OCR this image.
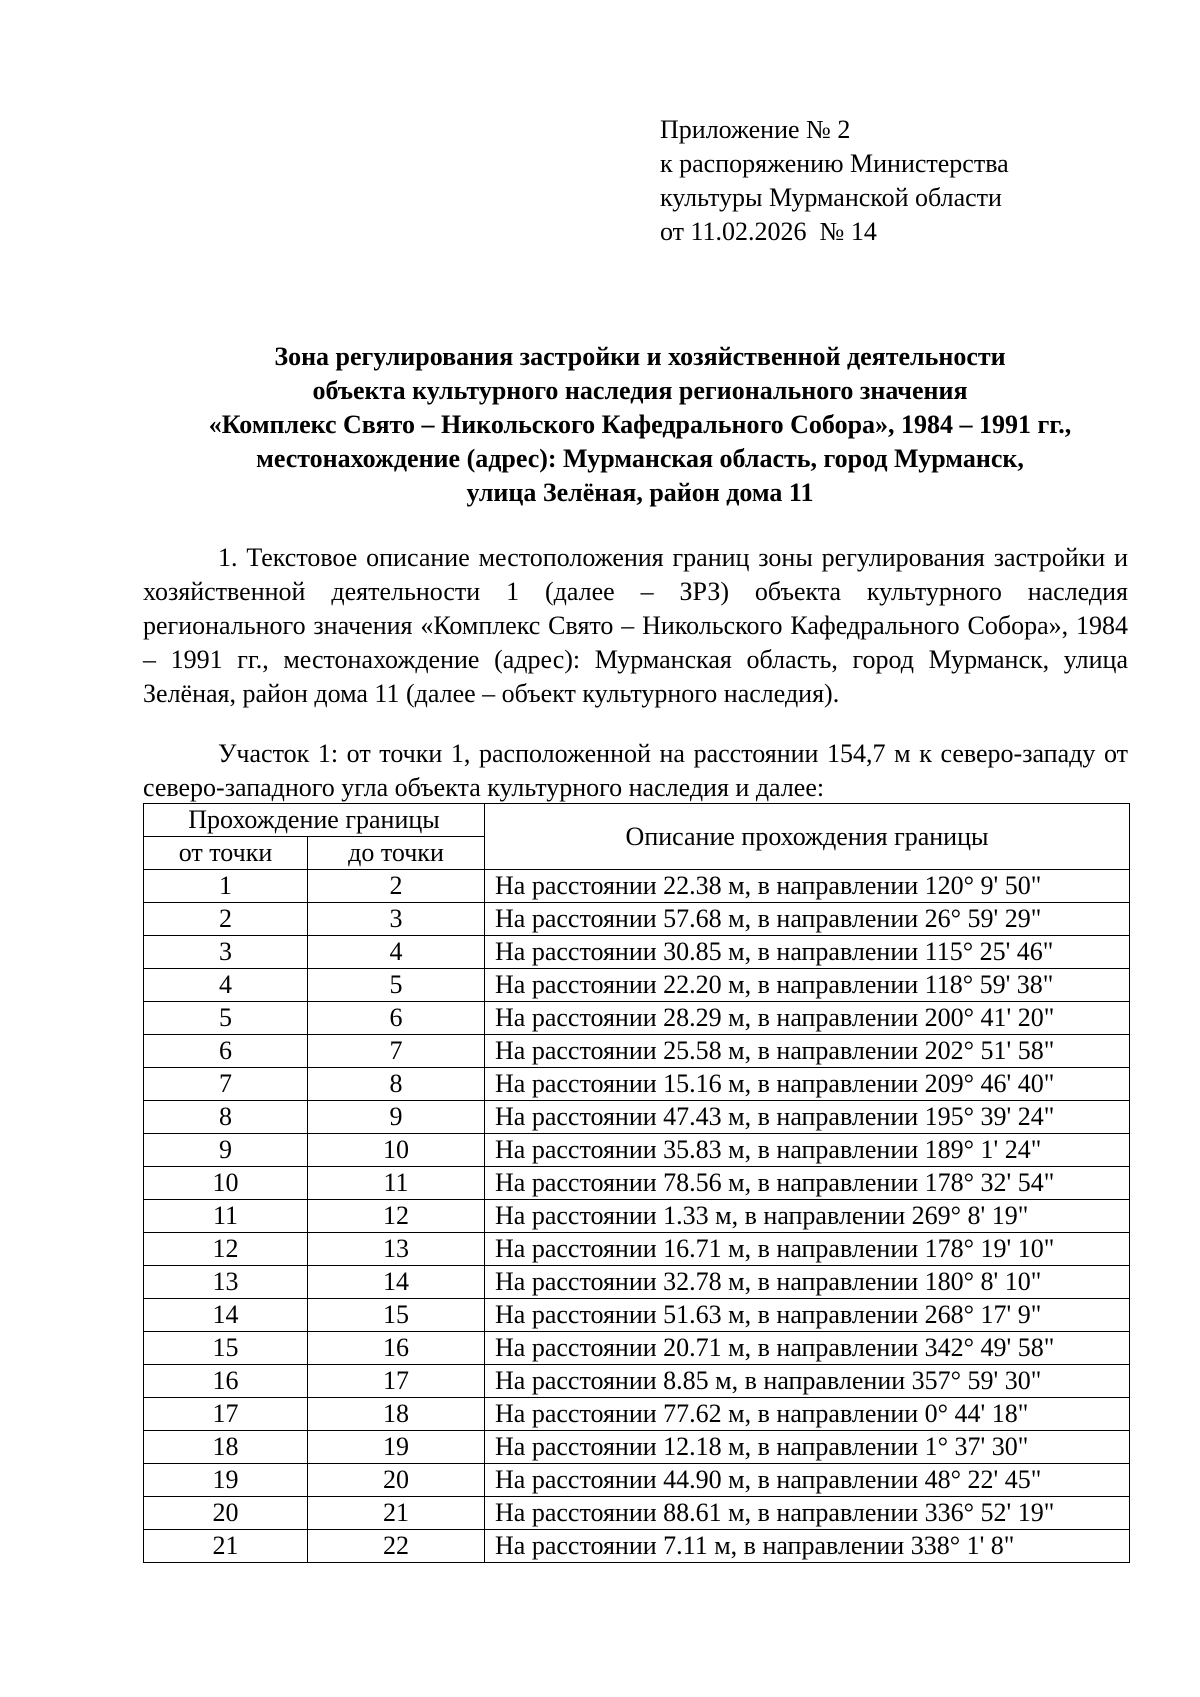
Приложение № 2
к распоряжению Министерства
культуры Мурманской области
от 11.02.2026  № 14
Зона регулирования застройки и хозяйственной деятельности
объекта культурного наследия регионального значения
«Комплекс Свято – Никольского Кафедрального Собора», 1984 – 1991 гг.,
местонахождение (адрес): Мурманская область, город Мурманск,
улица Зелёная, район дома 11

1. Текстовое описание местоположения границ зоны регулирования застройки и хозяйственной деятельности 1 (далее – ЗРЗ) объекта культурного наследия регионального значения «Комплекс Свято – Никольского Кафедрального Собора», 1984 – 1991 гг., местонахождение (адрес): Мурманская область, город Мурманск, улица Зелёная, район дома 11 (далее – объект культурного наследия).

Участок 1: от точки 1, расположенной на расстоянии 154,7 м к северо-западу от северо-западного угла объекта культурного наследия и далее:

Прохождение границы		Описание прохождения границы
от точки	до точки	
1	2	На расстоянии 22.38 м, в направлении 120° 9' 50"
2	3	На расстоянии 57.68 м, в направлении 26° 59' 29"
3	4	На расстоянии 30.85 м, в направлении 115° 25' 46"
4	5	На расстоянии 22.20 м, в направлении 118° 59' 38"
5	6	На расстоянии 28.29 м, в направлении 200° 41' 20"
6	7	На расстоянии 25.58 м, в направлении 202° 51' 58"
7	8	На расстоянии 15.16 м, в направлении 209° 46' 40"
8	9	На расстоянии 47.43 м, в направлении 195° 39' 24"
9	10	На расстоянии 35.83 м, в направлении 189° 1' 24"
10	11	На расстоянии 78.56 м, в направлении 178° 32' 54"
11	12	На расстоянии 1.33 м, в направлении 269° 8' 19"
12	13	На расстоянии 16.71 м, в направлении 178° 19' 10"
13	14	На расстоянии 32.78 м, в направлении 180° 8' 10"
14	15	На расстоянии 51.63 м, в направлении 268° 17' 9"
15	16	На расстоянии 20.71 м, в направлении 342° 49' 58"
16	17	На расстоянии 8.85 м, в направлении 357° 59' 30"
17	18	На расстоянии 77.62 м, в направлении 0° 44' 18"
18	19	На расстоянии 12.18 м, в направлении 1° 37' 30"
19	20	На расстоянии 44.90 м, в направлении 48° 22' 45"
20	21	На расстоянии 88.61 м, в направлении 336° 52' 19"
21	22	На расстоянии 7.11 м, в направлении 338° 1' 8"
